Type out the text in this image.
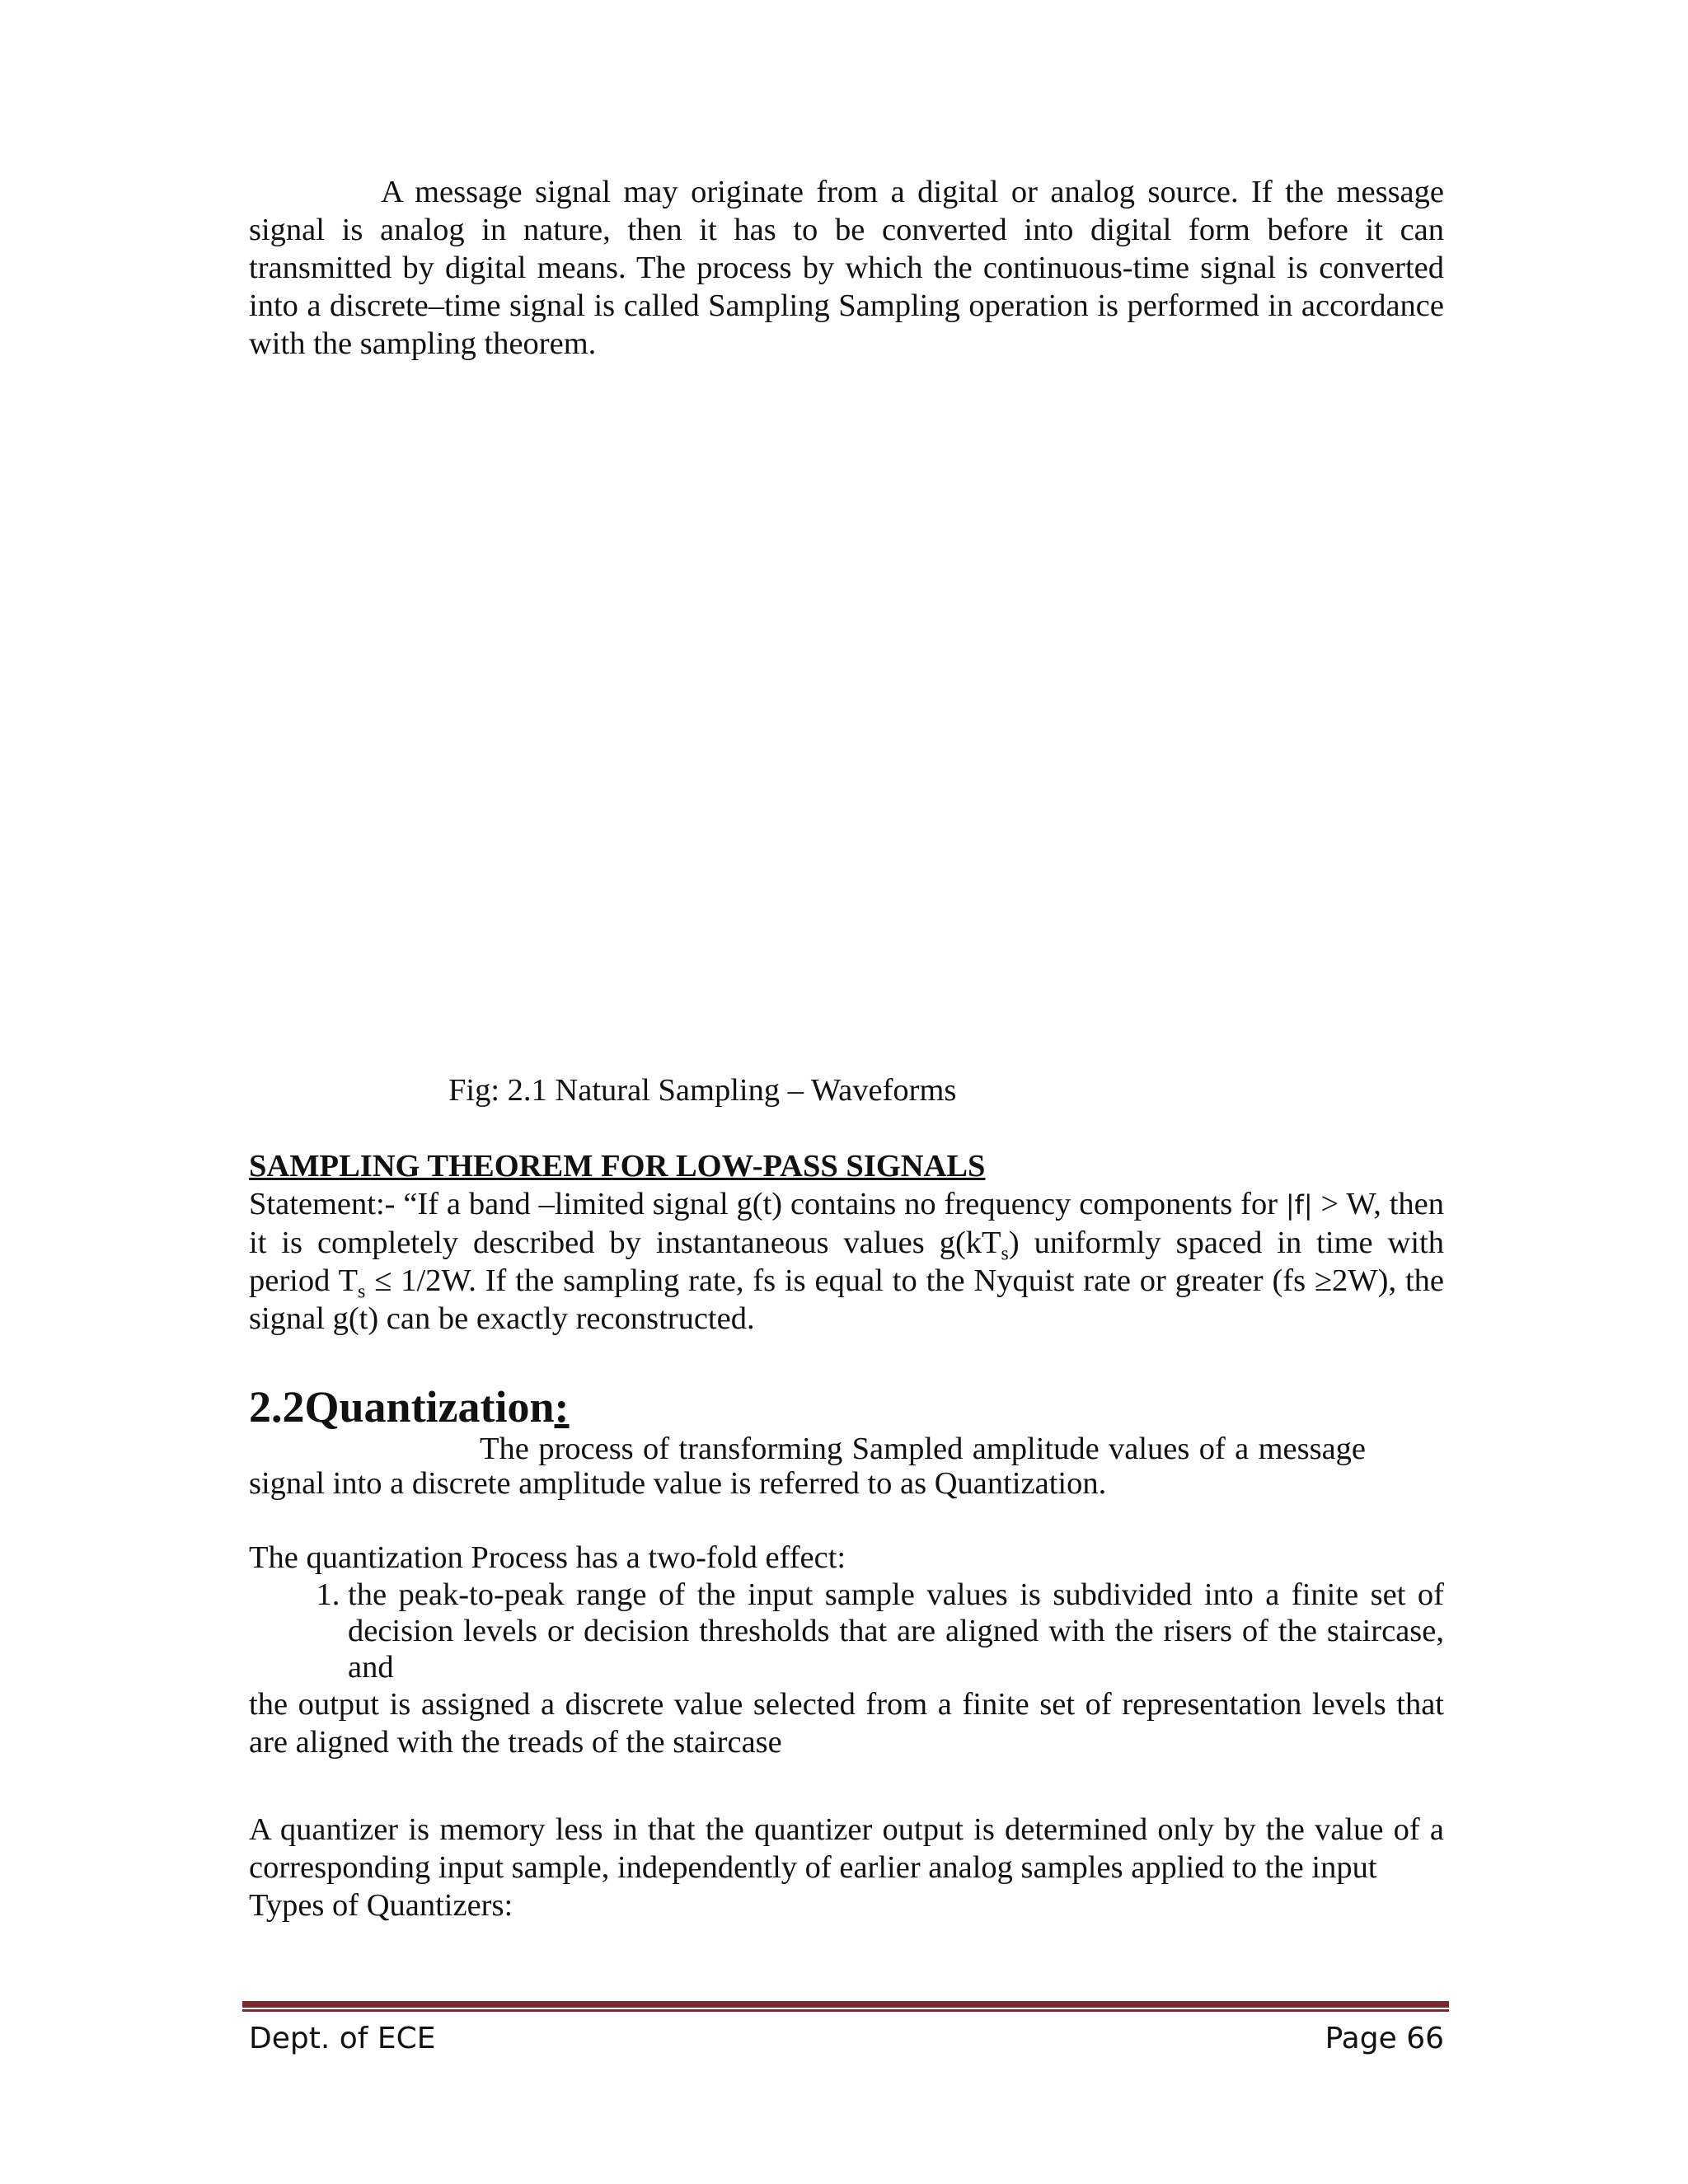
A message signal may originate from a digital or analog source. If the message signal is analog in nature, then it has to be converted into digital form before it can transmitted by digital means. The process by which the continuous-time signal is converted into a discrete–time signal is called Sampling Sampling operation is performed in accordance with the sampling theorem.

Fig: 2.1 Natural Sampling – Waveforms

SAMPLING THEOREM FOR LOW-PASS SIGNALS

Statement:- “If a band –limited signal g(t) contains no frequency components for |f| > W, then it is completely described by instantaneous values $g(kT_s)$ uniformly spaced in time with period $T_s \le 1/2W$. If the sampling rate, fs is equal to the Nyquist rate or greater (fs ≥2W), the signal g(t) can be exactly reconstructed.

2.2Quantization:

The process of transforming Sampled amplitude values of a message signal into a discrete amplitude value is referred to as Quantization.

The quantization Process has a two-fold effect:

1. the peak-to-peak range of the input sample values is subdivided into a finite set of decision levels or decision thresholds that are aligned with the risers of the staircase, and

the output is assigned a discrete value selected from a finite set of representation levels that are aligned with the treads of the staircase

A quantizer is memory less in that the quantizer output is determined only by the value of a corresponding input sample, independently of earlier analog samples applied to the input

Types of Quantizers:

Dept. of ECE	Page 66
